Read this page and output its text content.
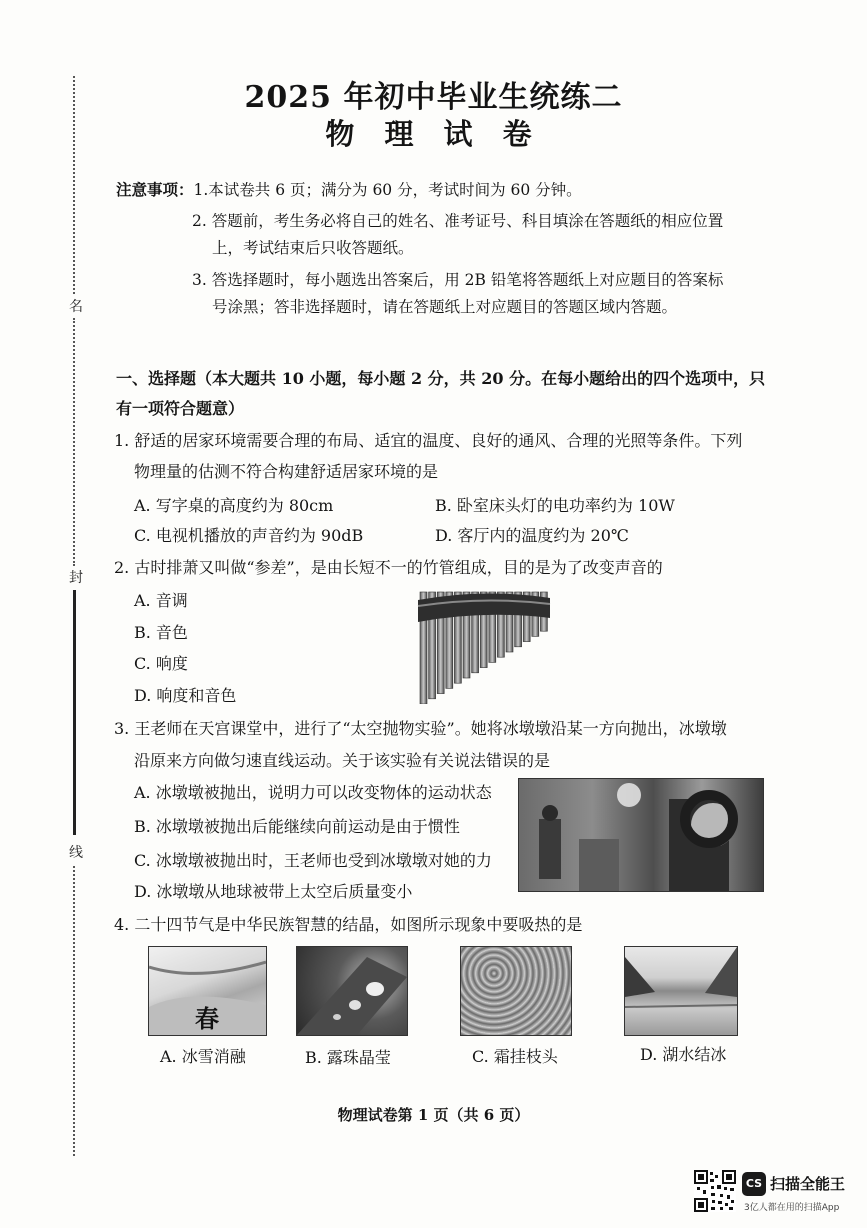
名
封
线
2025 年初中毕业生统练二
物 理 试 卷
注意事项：1.本试卷共 6 页；满分为 60 分，考试时间为 60 分钟。
2. 答题前，考生务必将自己的姓名、准考证号、科目填涂在答题纸的相应位置
上，考试结束后只收答题纸。
3. 答选择题时，每小题选出答案后，用 2B 铅笔将答题纸上对应题目的答案标
号涂黑；答非选择题时，请在答题纸上对应题目的答题区域内答题。
一、选择题（本大题共 10 小题，每小题 2 分，共 20 分。在每小题给出的四个选项中，只
有一项符合题意）
1. 舒适的居家环境需要合理的布局、适宜的温度、良好的通风、合理的光照等条件。下列
物理量的估测不符合构建舒适居家环境的是
A. 写字桌的高度约为 80cm	B. 卧室床头灯的电功率约为 10W
C. 电视机播放的声音约为 90dB	D. 客厅内的温度约为 20℃
2. 古时排萧又叫做“参差”，是由长短不一的竹管组成，目的是为了改变声音的
A. 音调
B. 音色
C. 响度
D. 响度和音色
3. 王老师在天宫课堂中，进行了“太空抛物实验”。她将冰墩墩沿某一方向抛出，冰墩墩
沿原来方向做匀速直线运动。关于该实验有关说法错误的是
A. 冰墩墩被抛出，说明力可以改变物体的运动状态
B. 冰墩墩被抛出后能继续向前运动是由于惯性
C. 冰墩墩被抛出时，王老师也受到冰墩墩对她的力
D. 冰墩墩从地球被带上太空后质量变小
4. 二十四节气是中华民族智慧的结晶，如图所示现象中要吸热的是
春
A. 冰雪消融	B. 露珠晶莹	C. 霜挂枝头	D. 湖水结冰
物理试卷第 1 页（共 6 页）
CS 扫描全能王
3亿人都在用的扫描App
